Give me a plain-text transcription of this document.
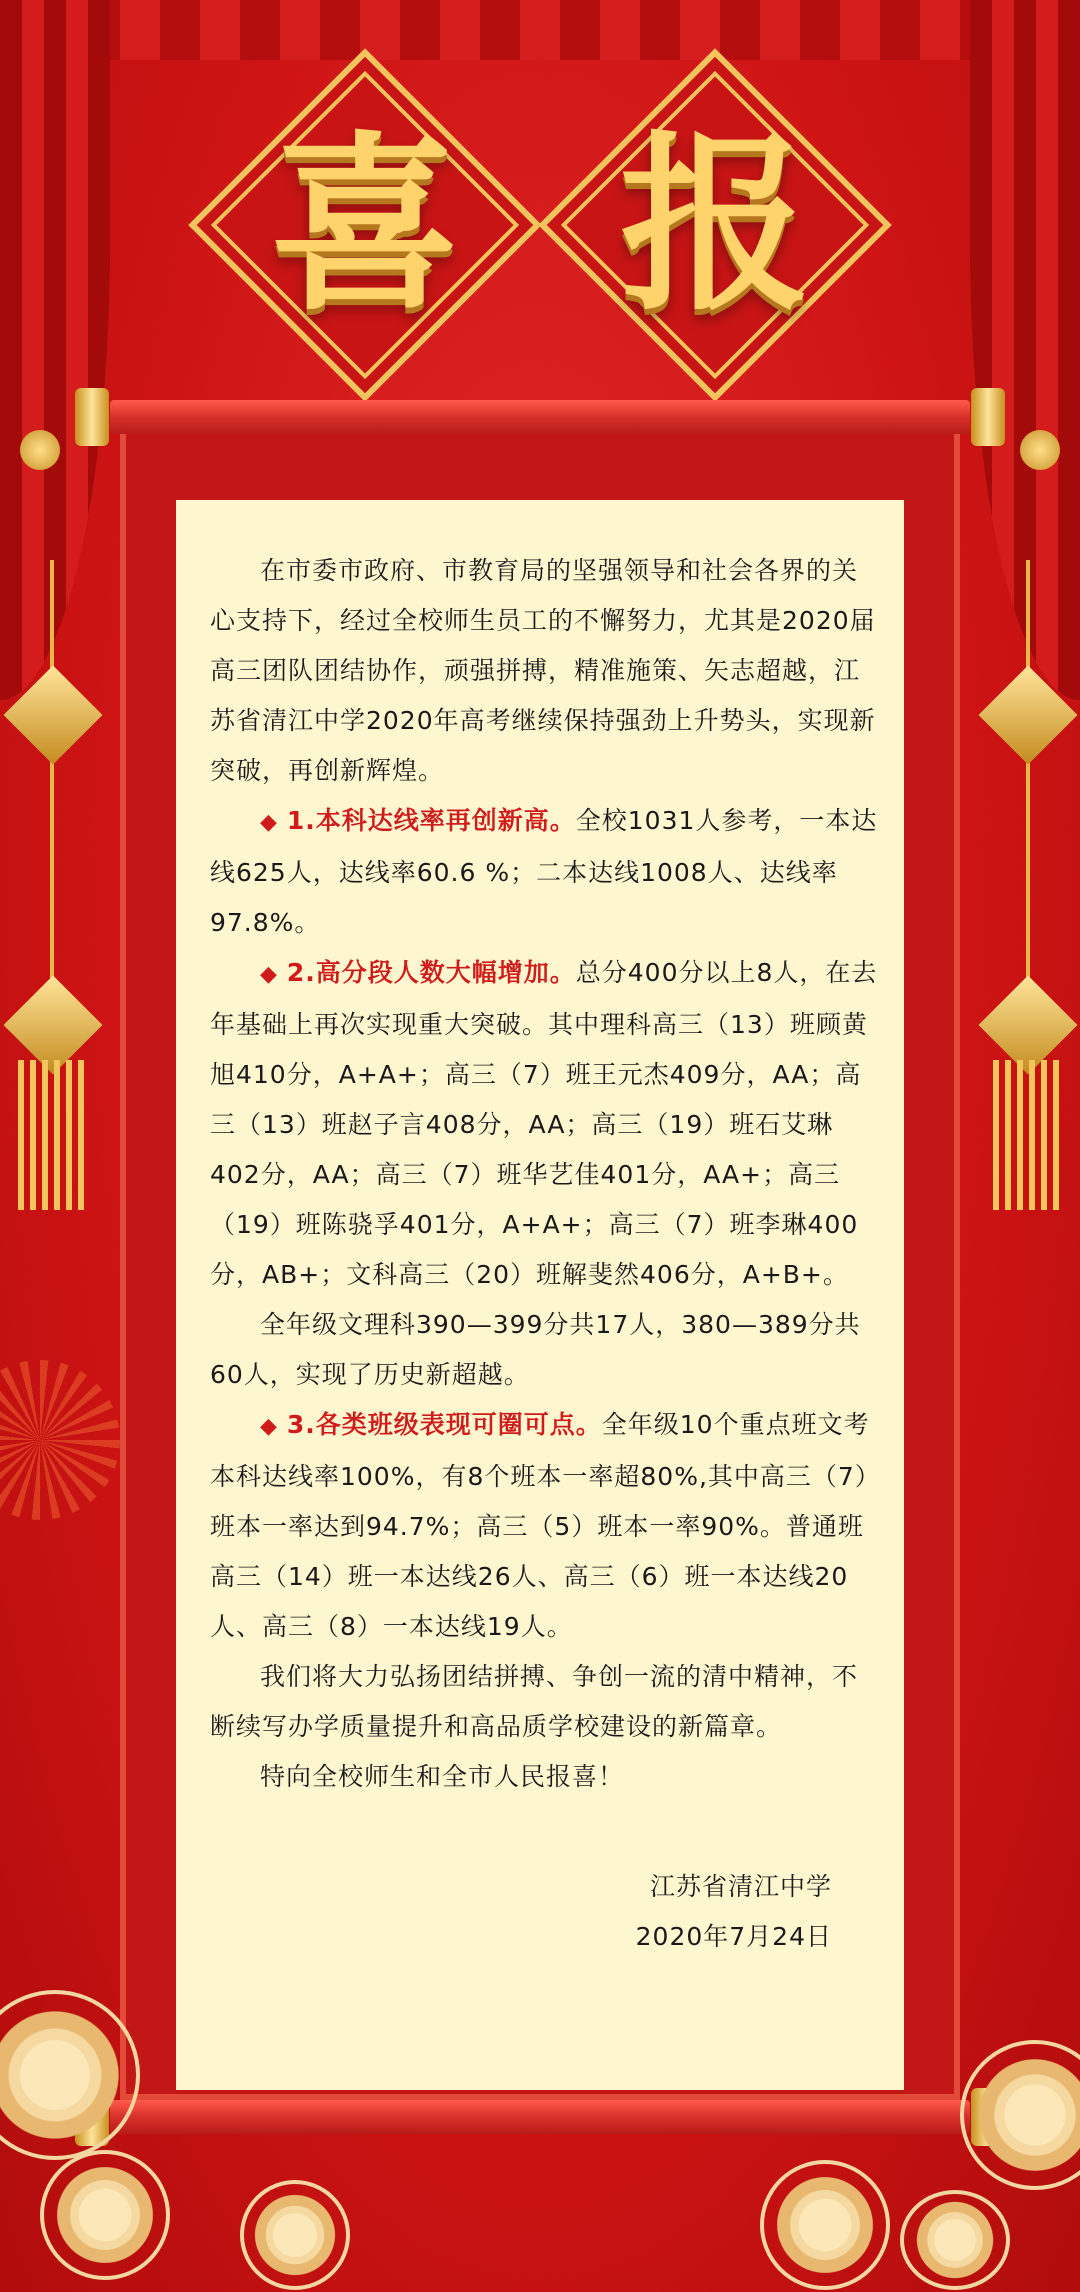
喜 报

在市委市政府、市教育局的坚强领导和社会各界的关心支持下，经过全校师生员工的不懈努力，尤其是2020届高三团队团结协作，顽强拼搏，精准施策、矢志超越，江苏省清江中学2020年高考继续保持强劲上升势头，实现新突破，再创新辉煌。

◆ 1.本科达线率再创新高。全校1031人参考，一本达线625人，达线率60.6 %；二本达线1008人、达线率97.8%。

◆ 2.高分段人数大幅增加。总分400分以上8人，在去年基础上再次实现重大突破。其中理科高三（13）班顾黄旭410分，A+A+；高三（7）班王元杰409分，AA；高三（13）班赵子言408分，AA；高三（19）班石艾琳402分，AA；高三（7）班华艺佳401分，AA+；高三（19）班陈骁孚401分，A+A+；高三（7）班李琳400分，AB+；文科高三（20）班解斐然406分，A+B+。

全年级文理科390—399分共17人，380—389分共60人，实现了历史新超越。

◆ 3.各类班级表现可圈可点。全年级10个重点班文考本科达线率100%，有8个班本一率超80%,其中高三（7）班本一率达到94.7%；高三（5）班本一率90%。普通班高三（14）班一本达线26人、高三（6）班一本达线20人、高三（8）一本达线19人。

我们将大力弘扬团结拼搏、争创一流的清中精神，不断续写办学质量提升和高品质学校建设的新篇章。

特向全校师生和全市人民报喜！

江苏省清江中学

2020年7月24日
